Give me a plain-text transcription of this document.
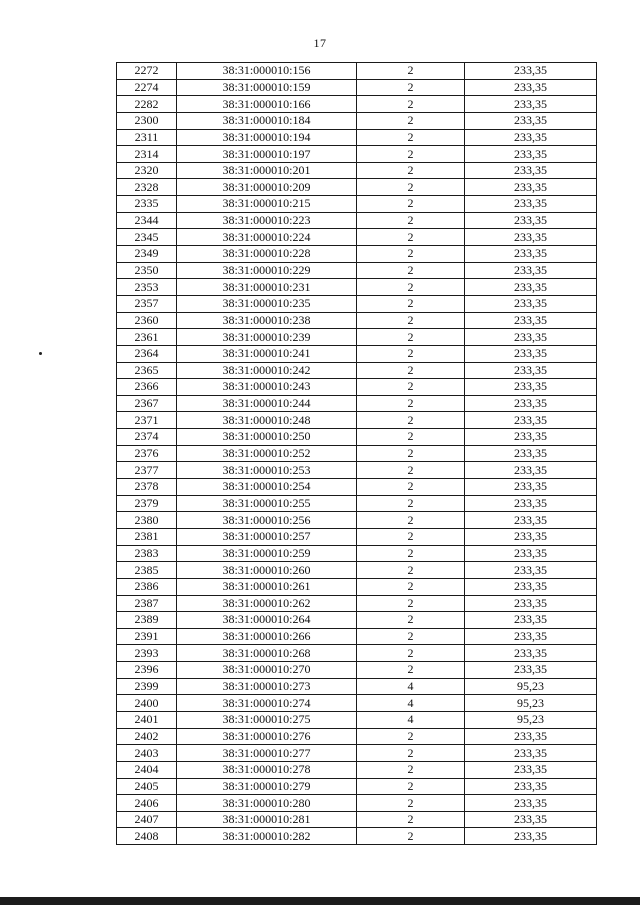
17
2272	38:31:000010:156	2	233,35
2274	38:31:000010:159	2	233,35
2282	38:31:000010:166	2	233,35
2300	38:31:000010:184	2	233,35
2311	38:31:000010:194	2	233,35
2314	38:31:000010:197	2	233,35
2320	38:31:000010:201	2	233,35
2328	38:31:000010:209	2	233,35
2335	38:31:000010:215	2	233,35
2344	38:31:000010:223	2	233,35
2345	38:31:000010:224	2	233,35
2349	38:31:000010:228	2	233,35
2350	38:31:000010:229	2	233,35
2353	38:31:000010:231	2	233,35
2357	38:31:000010:235	2	233,35
2360	38:31:000010:238	2	233,35
2361	38:31:000010:239	2	233,35
2364	38:31:000010:241	2	233,35
2365	38:31:000010:242	2	233,35
2366	38:31:000010:243	2	233,35
2367	38:31:000010:244	2	233,35
2371	38:31:000010:248	2	233,35
2374	38:31:000010:250	2	233,35
2376	38:31:000010:252	2	233,35
2377	38:31:000010:253	2	233,35
2378	38:31:000010:254	2	233,35
2379	38:31:000010:255	2	233,35
2380	38:31:000010:256	2	233,35
2381	38:31:000010:257	2	233,35
2383	38:31:000010:259	2	233,35
2385	38:31:000010:260	2	233,35
2386	38:31:000010:261	2	233,35
2387	38:31:000010:262	2	233,35
2389	38:31:000010:264	2	233,35
2391	38:31:000010:266	2	233,35
2393	38:31:000010:268	2	233,35
2396	38:31:000010:270	2	233,35
2399	38:31:000010:273	4	95,23
2400	38:31:000010:274	4	95,23
2401	38:31:000010:275	4	95,23
2402	38:31:000010:276	2	233,35
2403	38:31:000010:277	2	233,35
2404	38:31:000010:278	2	233,35
2405	38:31:000010:279	2	233,35
2406	38:31:000010:280	2	233,35
2407	38:31:000010:281	2	233,35
2408	38:31:000010:282	2	233,35
